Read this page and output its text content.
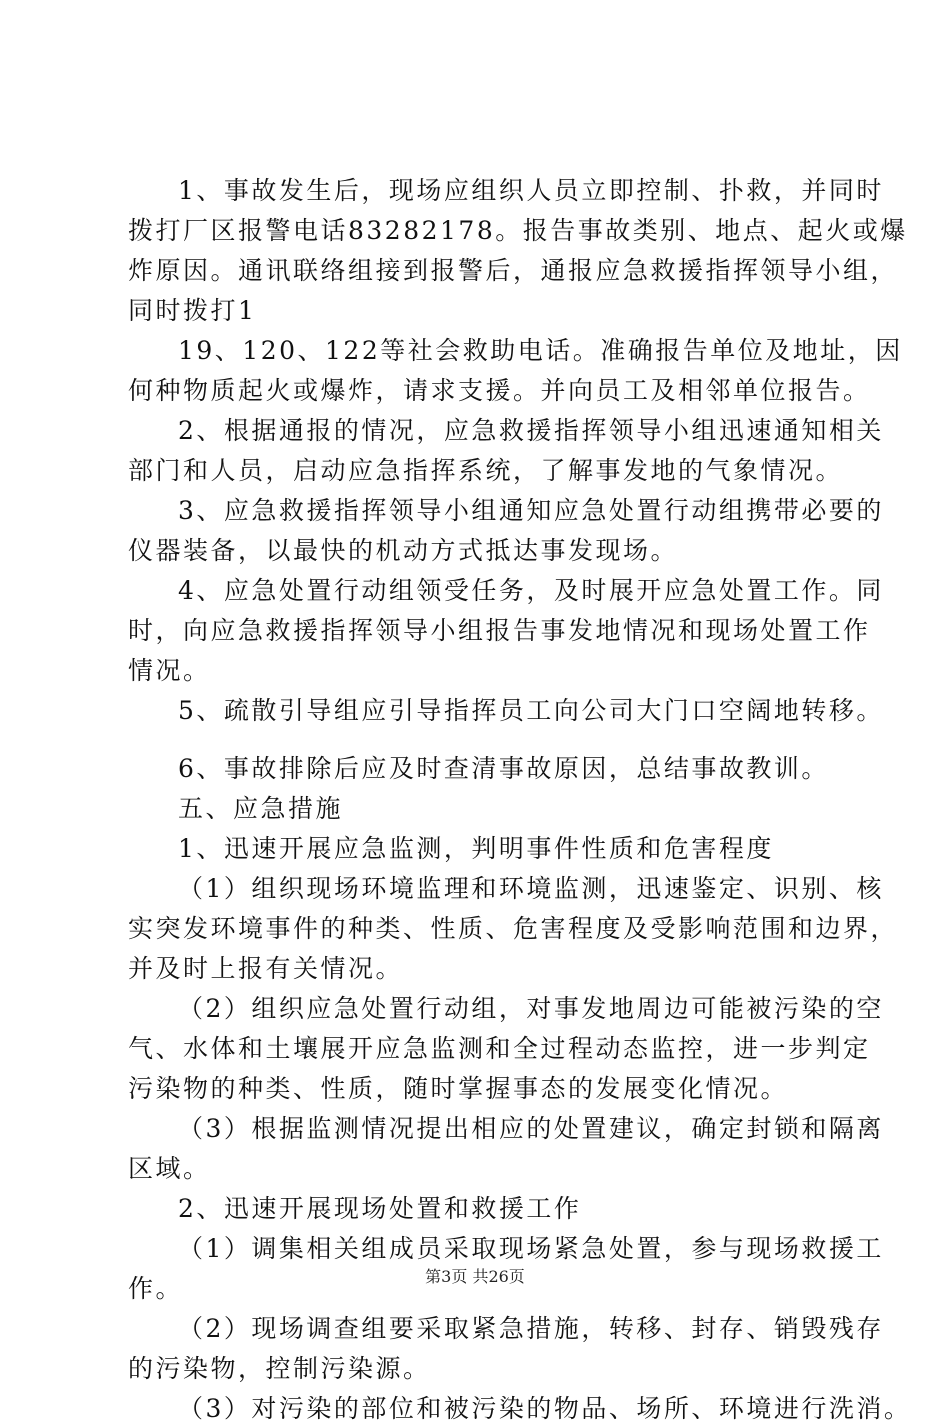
1、事故发生后，现场应组织人员立即控制、扑救，并同时

拨打厂区报警电话83282178。报告事故类别、地点、起火或爆

炸原因。通讯联络组接到报警后，通报应急救援指挥领导小组，

同时拨打1

19、120、122等社会救助电话。准确报告单位及地址，因

何种物质起火或爆炸，请求支援。并向员工及相邻单位报告。

2、根据通报的情况，应急救援指挥领导小组迅速通知相关

部门和人员，启动应急指挥系统，了解事发地的气象情况。

3、应急救援指挥领导小组通知应急处置行动组携带必要的

仪器装备，以最快的机动方式抵达事发现场。

4、应急处置行动组领受任务，及时展开应急处置工作。同

时，向应急救援指挥领导小组报告事发地情况和现场处置工作

情况。

5、疏散引导组应引导指挥员工向公司大门口空阔地转移。

6、事故排除后应及时查清事故原因，总结事故教训。

五、应急措施

1、迅速开展应急监测，判明事件性质和危害程度

（1）组织现场环境监理和环境监测，迅速鉴定、识别、核

实突发环境事件的种类、性质、危害程度及受影响范围和边界，

并及时上报有关情况。

（2）组织应急处置行动组，对事发地周边可能被污染的空

气、水体和土壤展开应急监测和全过程动态监控，进一步判定

污染物的种类、性质，随时掌握事态的发展变化情况。

（3）根据监测情况提出相应的处置建议，确定封锁和隔离

区域。

2、迅速开展现场处置和救援工作

（1）调集相关组成员采取现场紧急处置，参与现场救援工

作。

（2）现场调查组要采取紧急措施，转移、封存、销毁残存

的污染物，控制污染源。

（3）对污染的部位和被污染的物品、场所、环境进行洗消。

第3页 共26页
